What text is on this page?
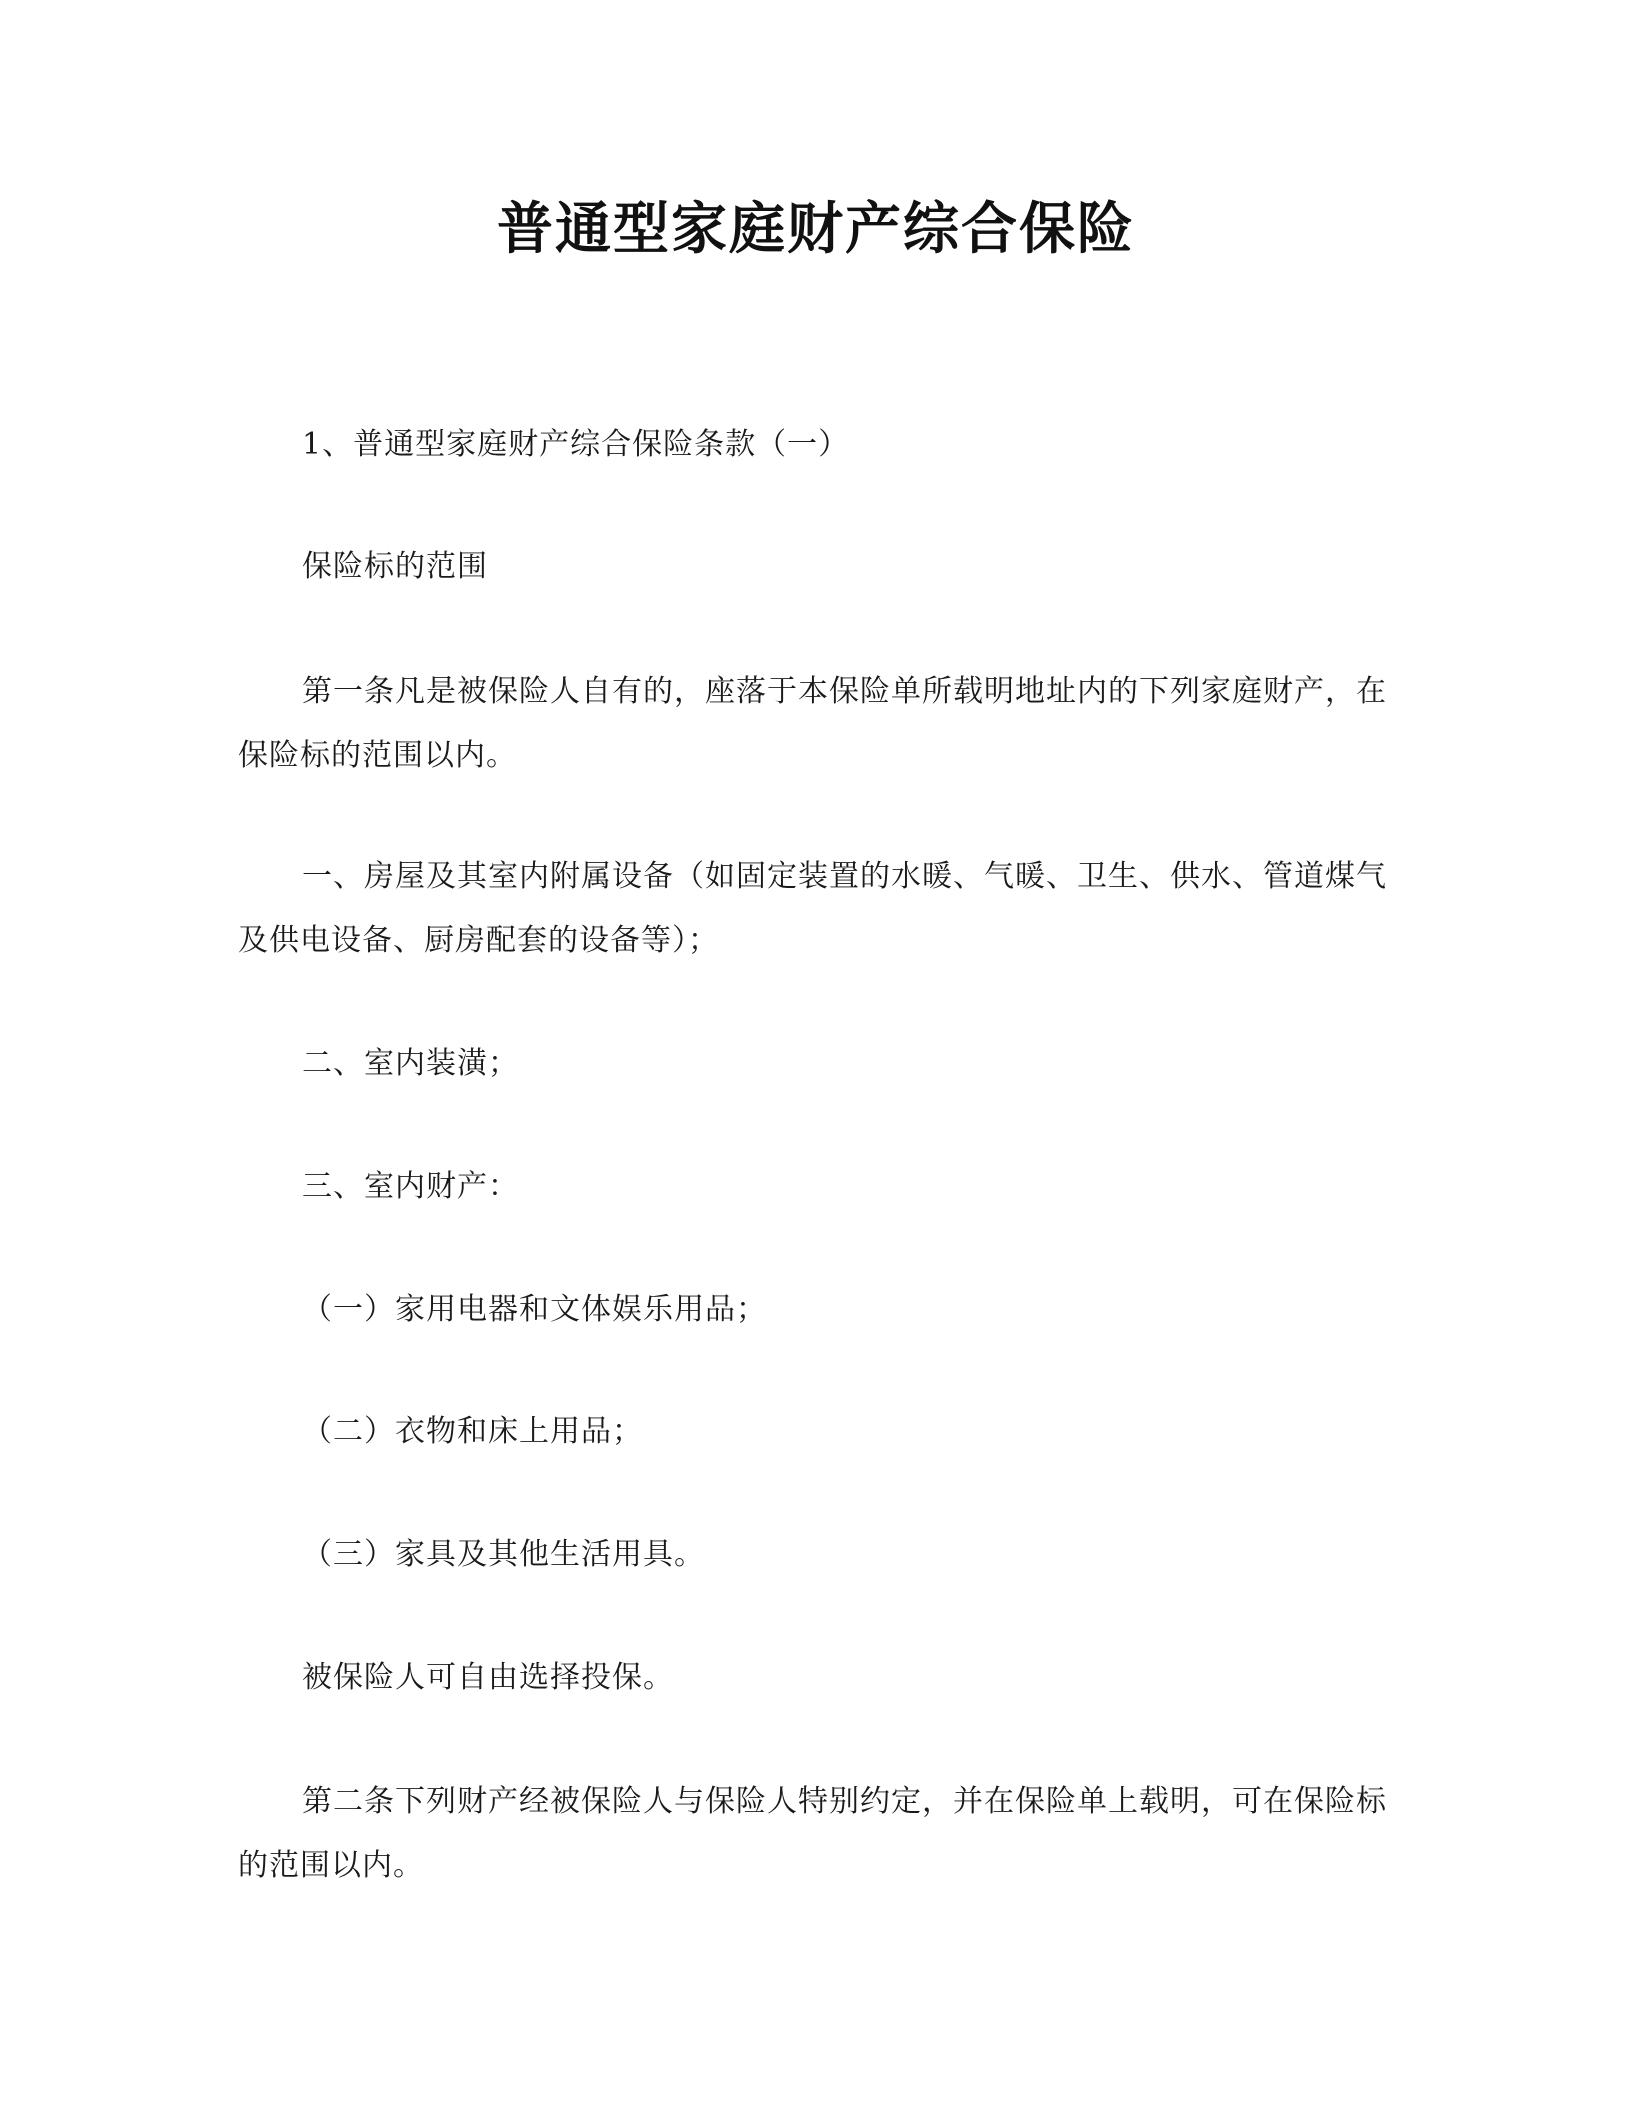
普通型家庭财产综合保险

1、普通型家庭财产综合保险条款（一）

保险标的范围

第一条凡是被保险人自有的，座落于本保险单所载明地址内的下列家庭财产，在保险标的范围以内。

一、房屋及其室内附属设备（如固定装置的水暖、气暖、卫生、供水、管道煤气及供电设备、厨房配套的设备等）；

二、室内装潢；

三、室内财产：

（一）家用电器和文体娱乐用品；

（二）衣物和床上用品；

（三）家具及其他生活用具。

被保险人可自由选择投保。

第二条下列财产经被保险人与保险人特别约定，并在保险单上载明，可在保险标的范围以内。
